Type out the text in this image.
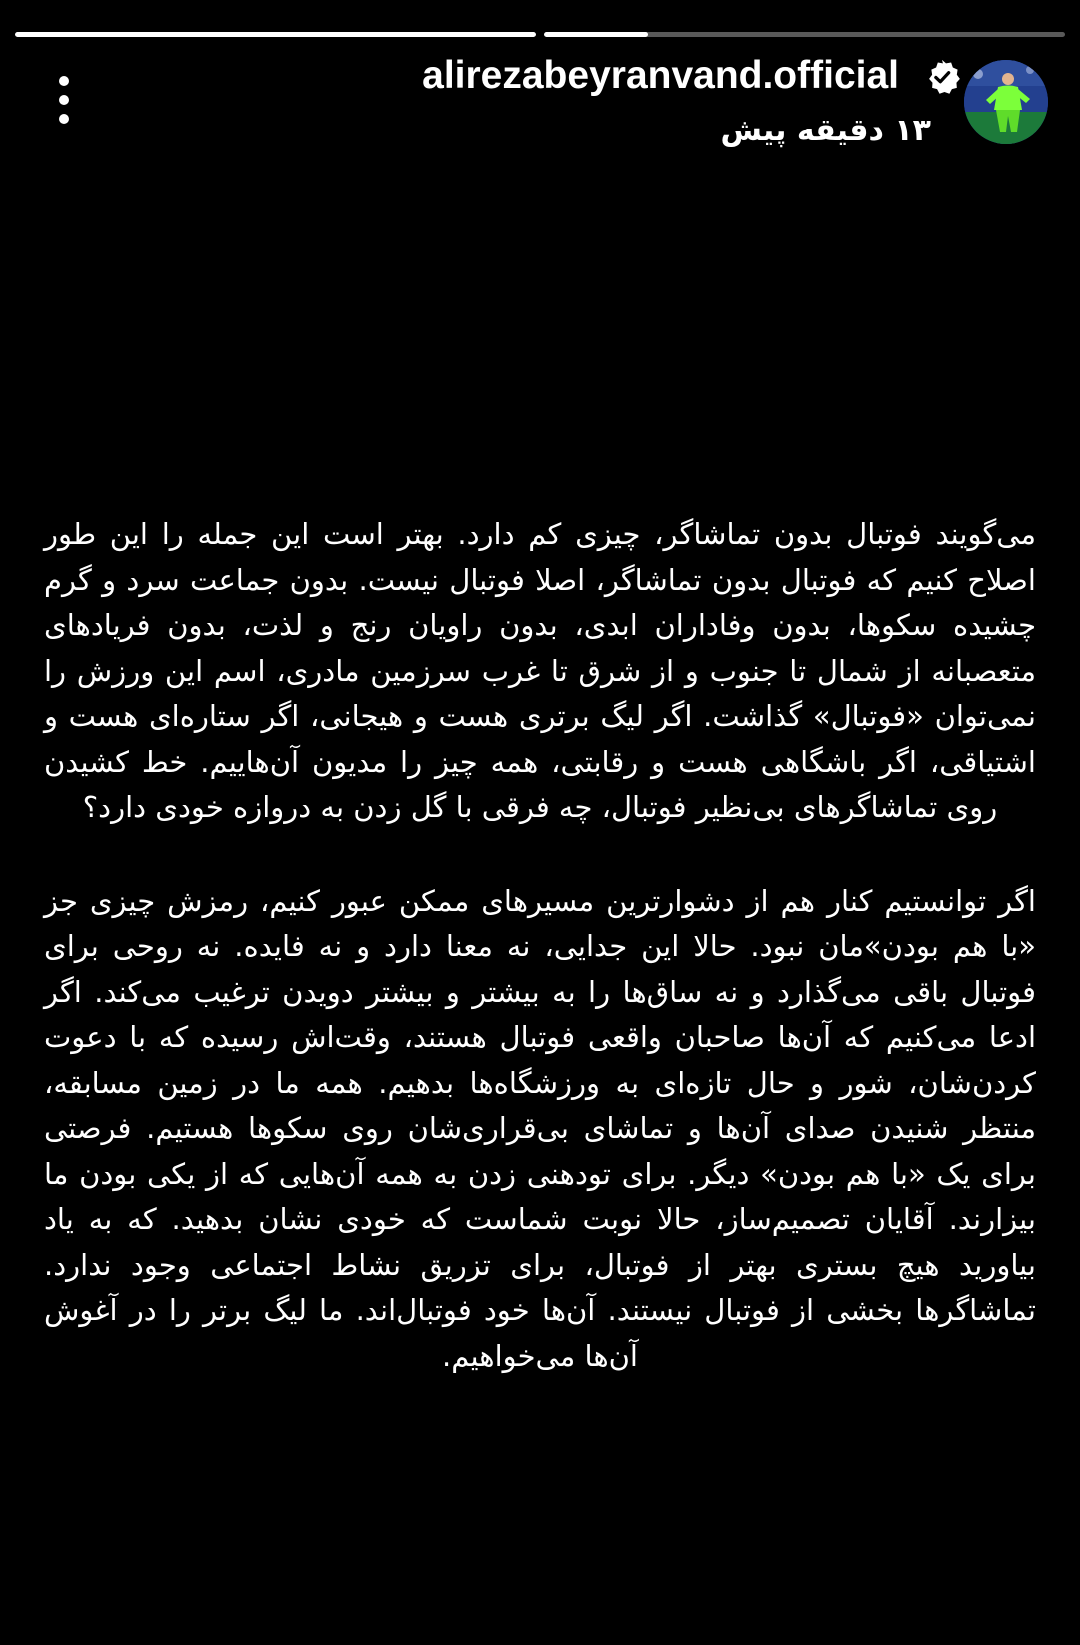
alirezabeyranvand.official
۱۳ دقیقه پیش

می‌گویند فوتبال بدون تماشاگر، چیزی کم دارد. بهتر است این جمله را این طور اصلاح کنیم که فوتبال بدون تماشاگر، اصلا فوتبال نیست. بدون جماعت سرد و گرم چشیده سکوها، بدون وفاداران ابدی، بدون راویان رنج و لذت، بدون فریادهای متعصبانه از شمال تا جنوب و از شرق تا غرب سرزمین مادری، اسم این ورزش را نمی‌توان «فوتبال» گذاشت. اگر لیگ برتری هست و هیجانی، اگر ستاره‌ای هست و اشتیاقی، اگر باشگاهی هست و رقابتی، همه چیز را مدیون آن‌هاییم. خط کشیدن روی تماشاگرهای بی‌نظیر فوتبال، چه فرقی با گل زدن به دروازه خودی دارد؟

اگر توانستیم کنار هم از دشوارترین مسیرهای ممکن عبور کنیم، رمزش چیزی جز «با هم بودن»مان نبود. حالا این جدایی، نه معنا دارد و نه فایده. نه روحی برای فوتبال باقی می‌گذارد و نه ساق‌ها را به بیشتر و بیشتر دویدن ترغیب می‌کند. اگر ادعا می‌کنیم که آن‌ها صاحبان واقعی فوتبال هستند، وقت‌اش رسیده که با دعوت کردن‌شان، شور و حال تازه‌ای به ورزشگاه‌ها بدهیم. همه ما در زمین مسابقه، منتظر شنیدن صدای آن‌ها و تماشای بی‌قراری‌شان روی سکوها هستیم. فرصتی برای یک «با هم بودن» دیگر. برای تودهنی زدن به همه آن‌هایی که از یکی بودن ما بیزارند. آقایان تصمیم‌ساز، حالا نوبت شماست که خودی نشان بدهید. که به یاد بیاورید هیچ بستری بهتر از فوتبال، برای تزریق نشاط اجتماعی وجود ندارد. تماشاگرها بخشی از فوتبال نیستند. آن‌ها خود فوتبال‌اند. ما لیگ برتر را در آغوش آن‌ها می‌خواهیم.
